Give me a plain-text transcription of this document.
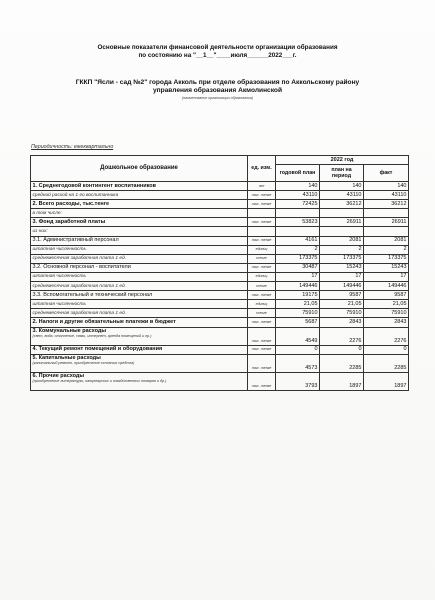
Основные показатели финансовой деятельности организации образования
по состоянию на "__1__"____июля______2022___г.
ГККП "Ясли - сад №2" города Акколь при отделе образования по Аккольскому району
управления образования Акмолинской
(наименование организации образования)
Периодичность: ежеквартально
Дошкольное образование	ед. изм.	2022 год		
		годовой план	план на период	факт
1. Среднегодовой контингент воспитанников	чел	140	140	140
средний расход на 1-го воспитанника	тыс. тенге	43110	43110	43110
2. Всего расходы, тыс.тенге	тыс. тенге	72425	36212	36212
в том числе:				
3. Фонд заработной платы	тыс. тенге	53823	26911	26911
из них:				
3.1. Административный персонал	тыс. тенге	4161	2081	2081
штатная численность	единиц	2	2	2
среднемесячная заработная плата 1 ед.	тенге	173375	173375	173375
3.2. Основной персонал - воспитатели	тыс. тенге	30487	15243	15243
штатная численность	единиц	17	17	17
среднемесячная заработная плата 1 ед.	тенге	149446	149446	149446
3.3. Вспомогательный и технический персонал	тыс. тенге	19175	9587	9587
штатная численность	единиц	21,05	21,05	21,05
среднемесячная заработная плата 1 ед.	тенге	75910	75910	75910
2. Налоги и другие обязательные платежи в бюджет	тыс. тенге	5687	2843	2843
3. Коммунальные расходы
(свет, вода, отопление, связь, интернет, аренда помещений и пр.)	тыс. тенге	4549	2276	2276
4. Текущий ремонт помещений и оборудования	тыс. тенге	0	0	0
5. Капитальные расходы
(капитальный ремонт, приобретение основных средств)	тыс. тенге	4573	2285	2285
6. Прочие расходы
(приобретение литературы, канцелярских и хозяйственных товаров и др.)	тыс. тенге	3793	1897	1897
